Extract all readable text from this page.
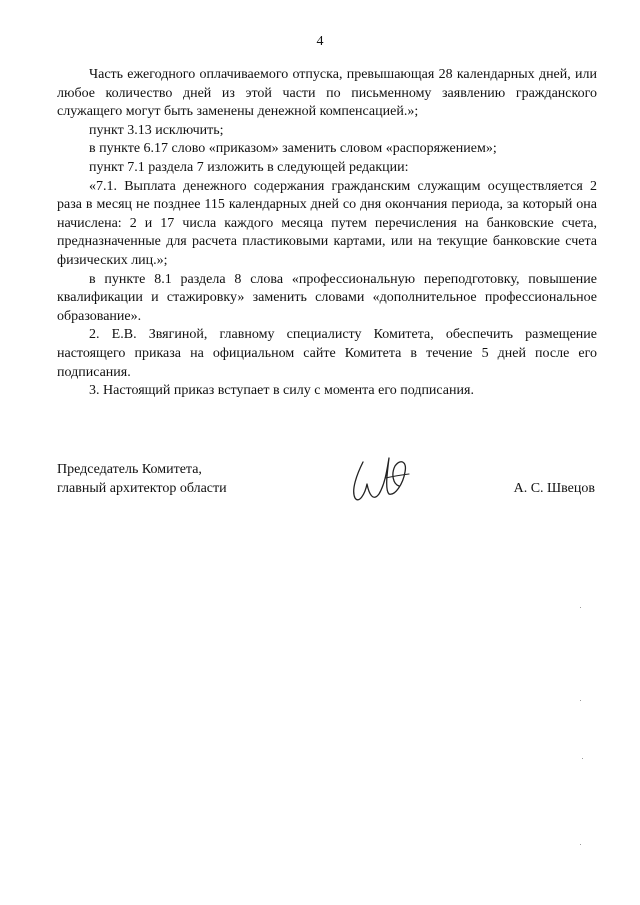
4

Часть ежегодного оплачиваемого отпуска, превышающая 28 календарных дней, или любое количество дней из этой части по письменному заявлению гражданского служащего могут быть заменены денежной компенсацией.»;

пункт 3.13 исключить;

в пункте 6.17 слово «приказом» заменить словом «распоряжением»;

пункт 7.1 раздела 7 изложить в следующей редакции:

«7.1. Выплата денежного содержания гражданским служащим осуществляется 2 раза в месяц не позднее 115 календарных дней со дня окончания периода, за который она начислена: 2 и 17 числа каждого месяца путем перечисления на банковские счета, предназначенные для расчета пластиковыми картами, или на текущие банковские счета физических лиц.»;

в пункте 8.1 раздела 8 слова «профессиональную переподготовку, повышение квалификации и стажировку» заменить словами «дополнительное профессиональное образование».

2. Е.В. Звягиной, главному специалисту Комитета, обеспечить размещение настоящего приказа на официальном сайте Комитета в течение 5 дней после его подписания.

3. Настоящий приказ вступает в силу с момента его подписания.

Председатель Комитета,
главный архитектор области	А. С. Швецов
